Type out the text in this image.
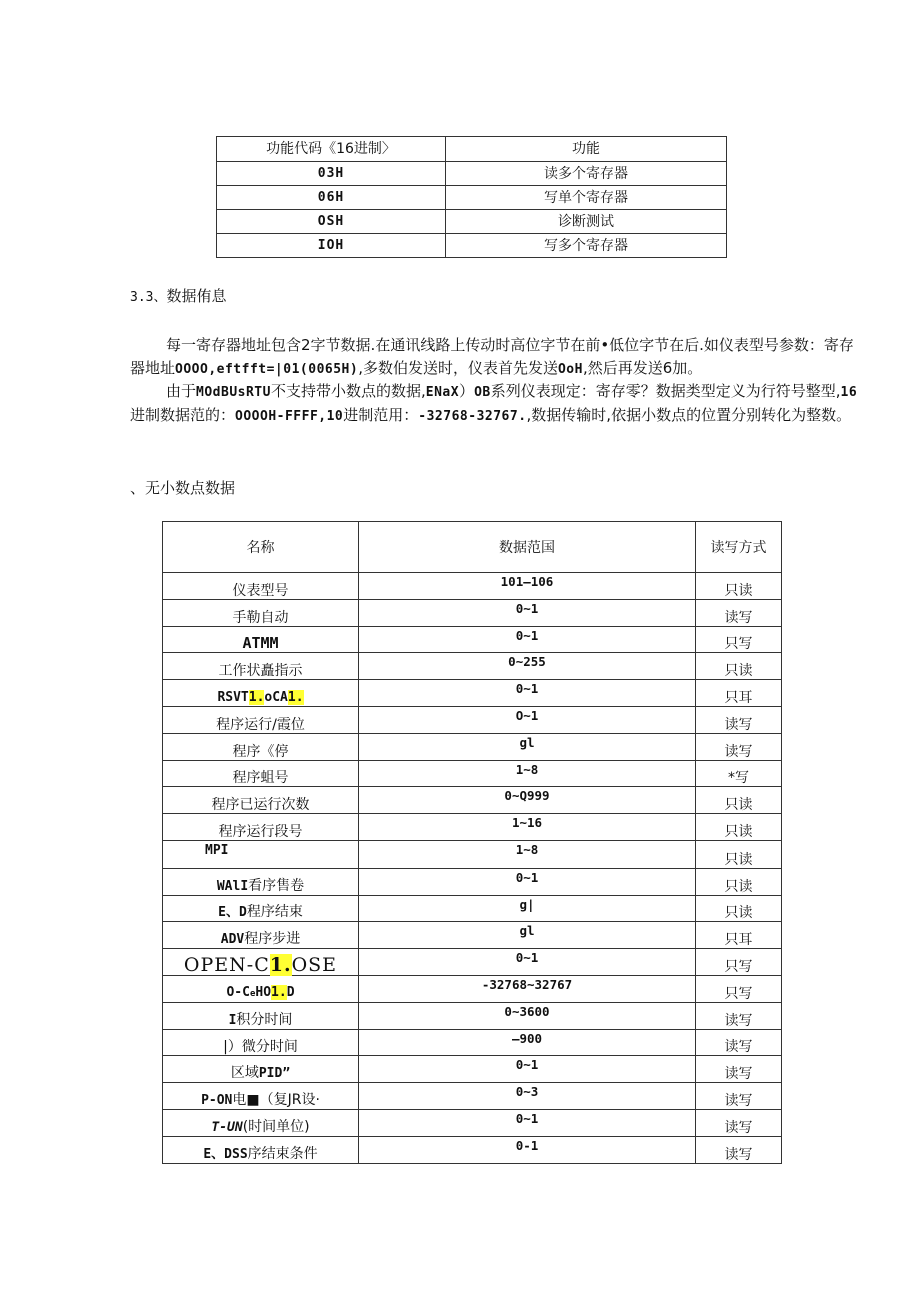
功能代码《16进制〉	功能
03H	读多个寄存器
06H	写单个寄存器
OSH	诊断测试
IOH	写多个寄存器
3.3、数据侑息

每一寄存器地址包含2字节数据.在通讯线路上传动时高位字节在前•低位字节在后.如仪表型号参数：寄存器地址OOOO,eftfft=|01(0065H),多数伯发送时，仪表首先发送OoH,然后再发送6加。

由于MOdBUsRTU不支持带小数点的数据,ENaX）OB系列仪表现定：寄存零？数据类型定义为行符号整型,16进制数据范的：OOOOH-FFFF,10进制范用：-32768-32767.,数据传输时,依据小数点的位置分别转化为整数。

、无小数点数据
名称	数据范国	读写方式
仪表型号	101—106	只读
手勒自动	0~1	读写
ATMM	0~1	只写
工作状矗指示	0~255	只读
RSVT1.oCA1.	0~1	只耳
程序运行/霞位	O~1	读写
程序《停	gl	读写
程序蛆号	1~8	*写
程序已运行次数	0~Q999	只读
程序运行段号	1~16	只读
MPI	1~8	只读
WAlI看序售卷	0~1	只读
E、D程序结束	g|	只读
ADV程序步进	gl	只耳
OPEN-C1.OSE	0~1	只写
O-CeHO1.D	-32768~32767	只写
I积分时间	0~3600	读写
|）微分时间	—900	读写
区域PID”	0~1	读写
P-ON电■（复JR设·	0~3	读写
T-UN(时间单位)	0~1	读写
E、DSS序结束条件	0-1	读写
